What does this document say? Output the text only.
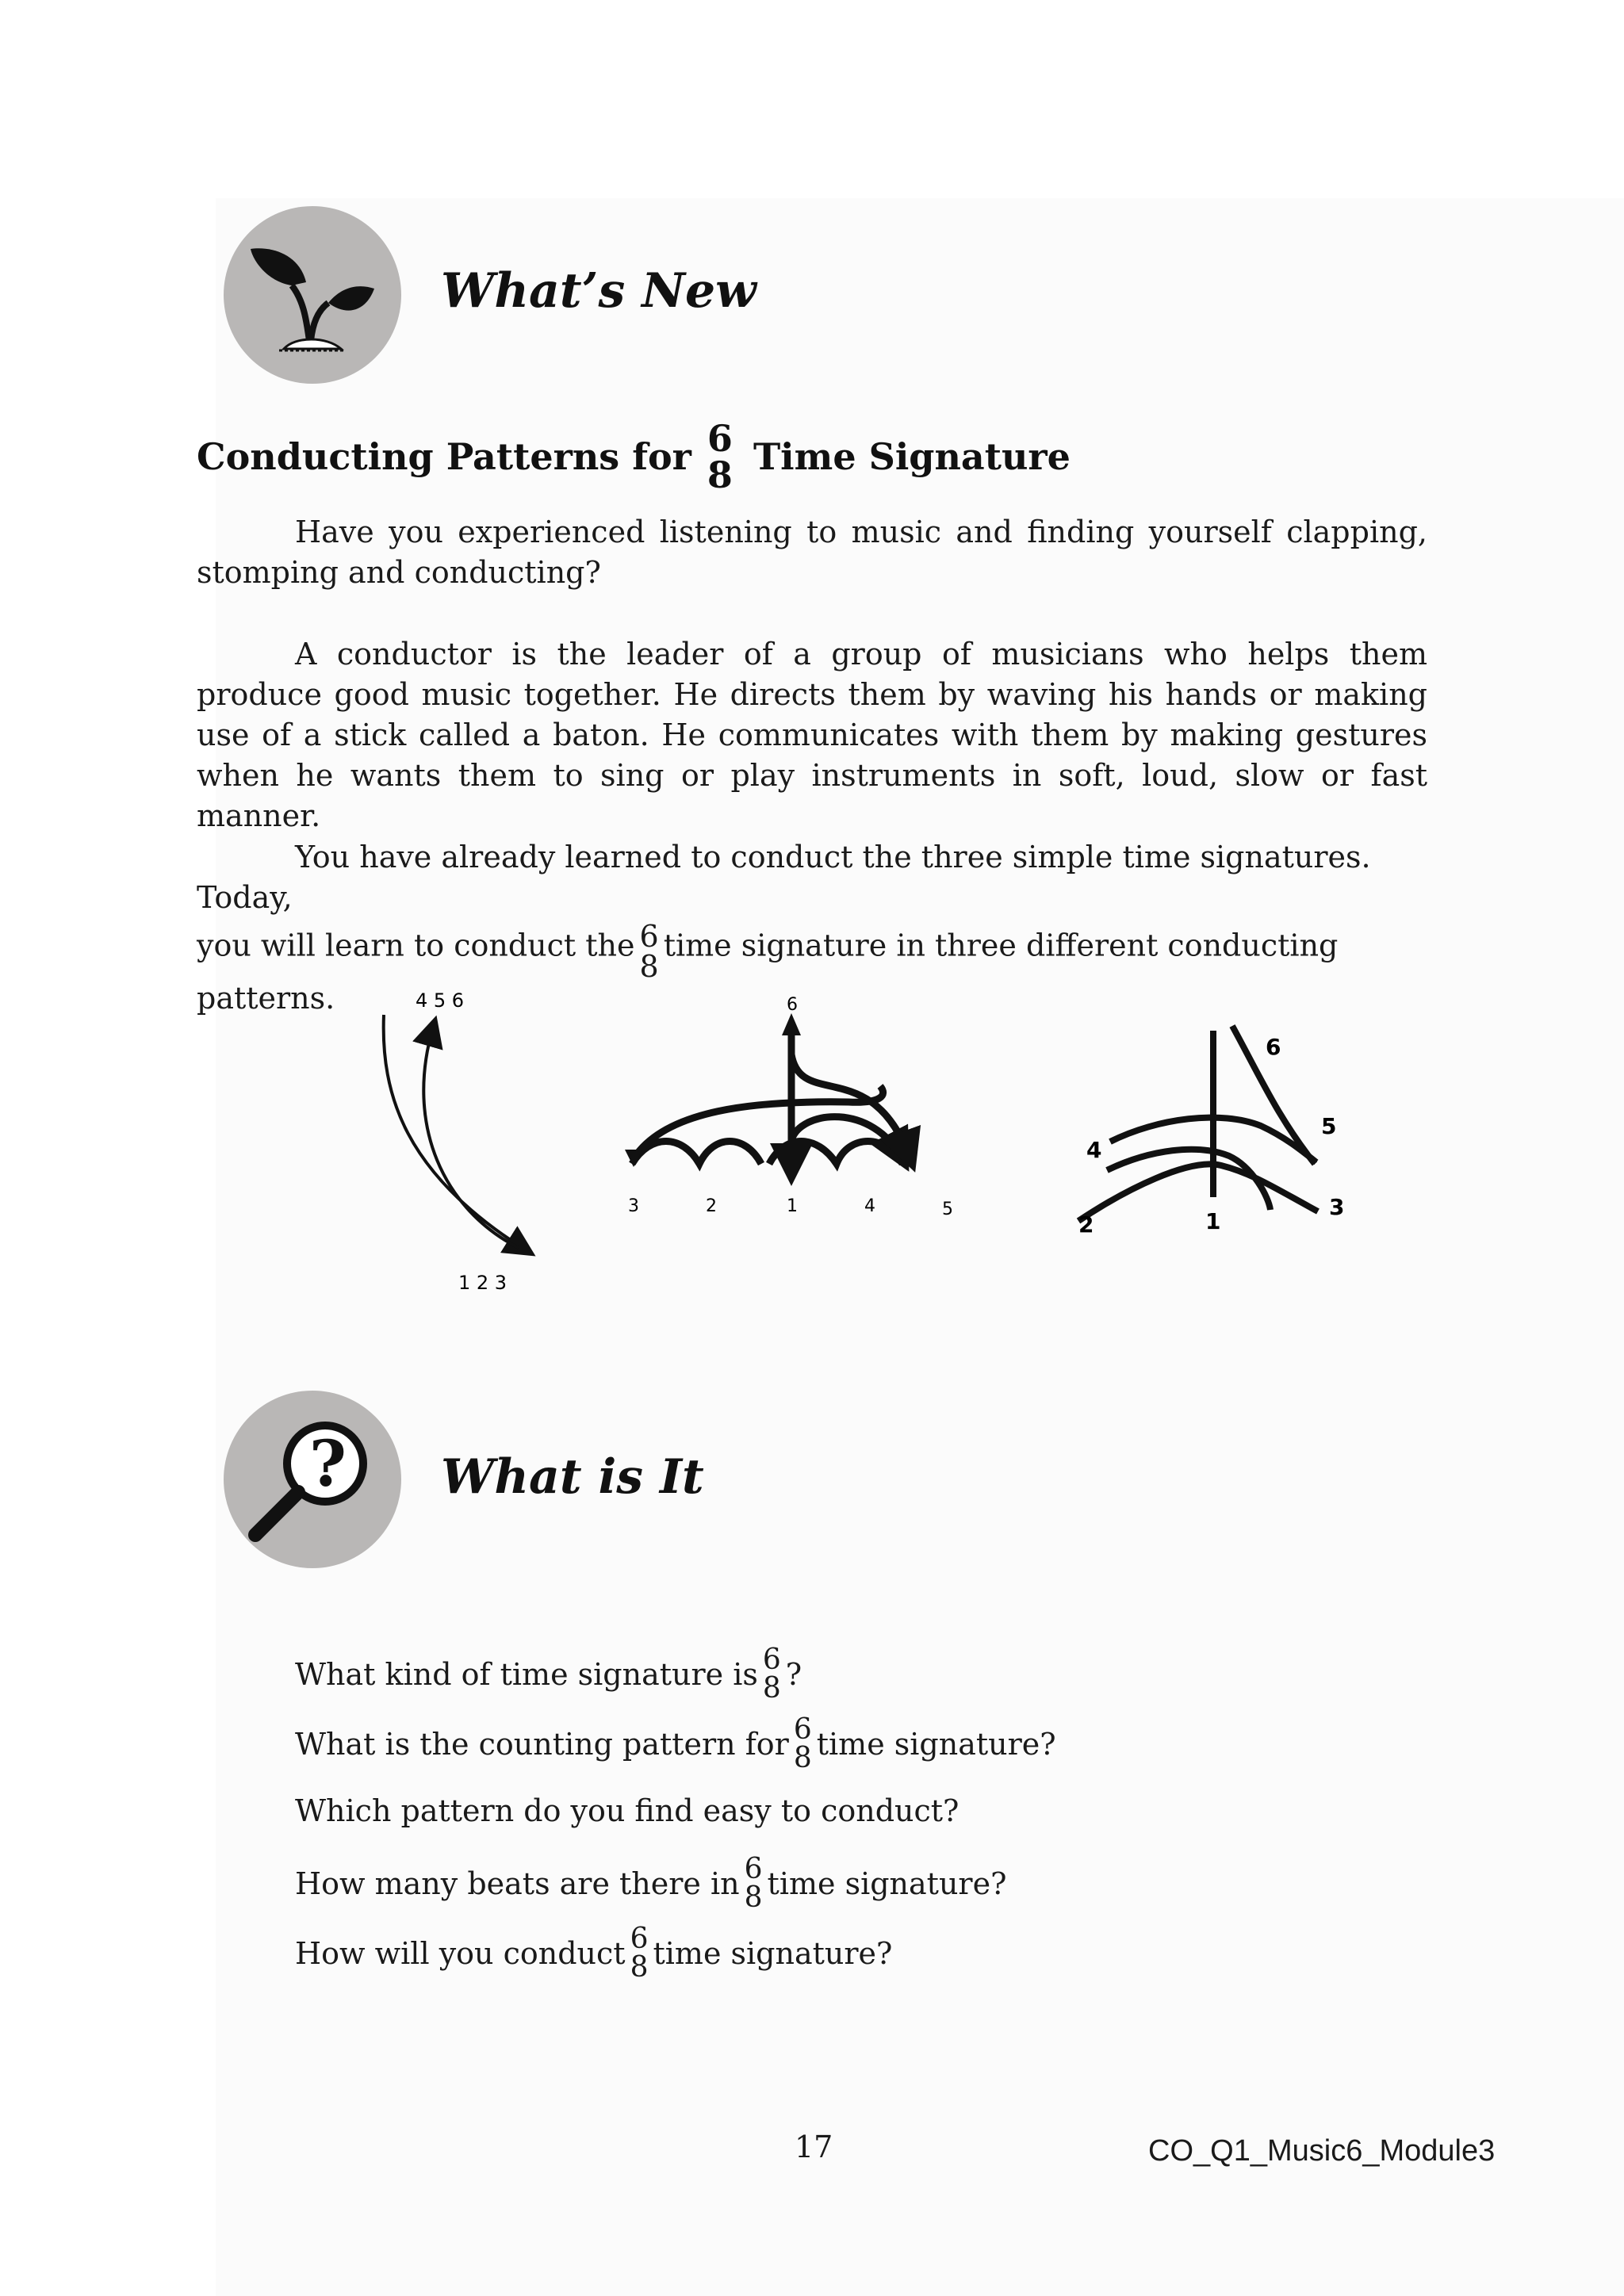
What’s New
Conducting Patterns for 6
8 Time Signature

Have you experienced listening to music and finding yourself clapping, stomping and conducting?

A conductor is the leader of a group of musicians who helps them produce good music together. He directs them by waving his hands or making use of a stick called a baton. He communicates with them by making gestures when he wants them to sing or play instruments in soft, loud, slow or fast manner.

You have already learned to conduct the three simple time signatures. Today,
you will learn to conduct the 6
8
time signature in three different conducting patterns.	4 5 6
1 2 3
6
3	2	1	4	5
6
5
4
3
2	1
? What is It
What kind of time signature is 6
8 ?
What is the counting pattern for 6
8 time signature?
Which pattern do you find easy to conduct?
How many beats are there in 6
8 time signature?
How will you conduct 6
8 time signature?
17	CO_Q1_Music6_Module3
